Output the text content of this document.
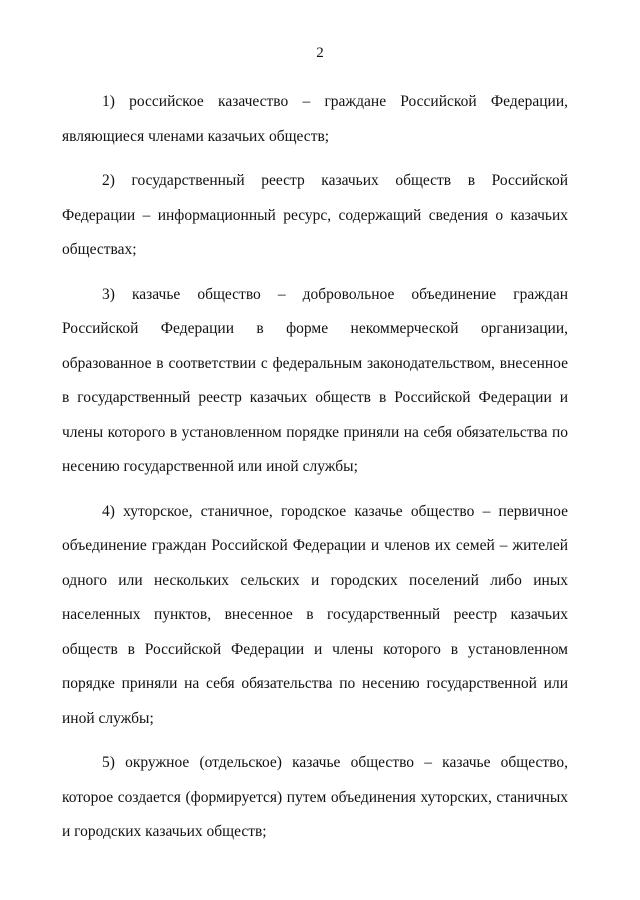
2

1) российское казачество – граждане Российской Федерации, являющиеся членами казачьих обществ;

2) государственный реестр казачьих обществ в Российской Федерации – информационный ресурс, содержащий сведения о казачьих обществах;

3) казачье общество – добровольное объединение граждан Российской Федерации в форме некоммерческой организации, образованное в соответствии с федеральным законодательством, внесенное в государственный реестр казачьих обществ в Российской Федерации и члены которого в установленном порядке приняли на себя обязательства по несению государственной или иной службы;

4) хуторское, станичное, городское казачье общество – первичное объединение граждан Российской Федерации и членов их семей – жителей одного или нескольких сельских и городских поселений либо иных населенных пунктов, внесенное в государственный реестр казачьих обществ в Российской Федерации и члены которого в установленном порядке приняли на себя обязательства по несению государственной или иной службы;

5) окружное (отдельское) казачье общество – казачье общество, которое создается (формируется) путем объединения хуторских, станичных и городских казачьих обществ;
